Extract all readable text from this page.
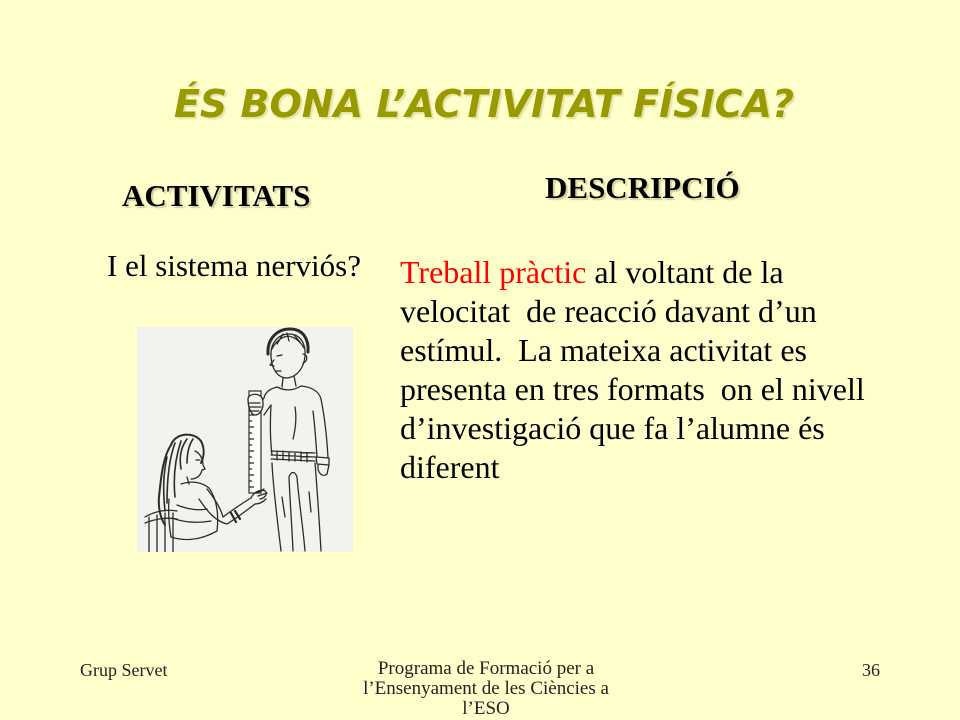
ÉS BONA L’ACTIVITAT FÍSICA?
ACTIVITATS	DESCRIPCIÓ
I el sistema nerviós? Treball pràctic al voltant de la
velocitat  de reacció davant d’un
estímul.  La mateixa activitat es
presenta en tres formats  on el nivell
d’investigació que fa l’alumne és
diferent
Grup Servet	Programa de Formació per a
l’Ensenyament de les Ciències a
l’ESO
36
